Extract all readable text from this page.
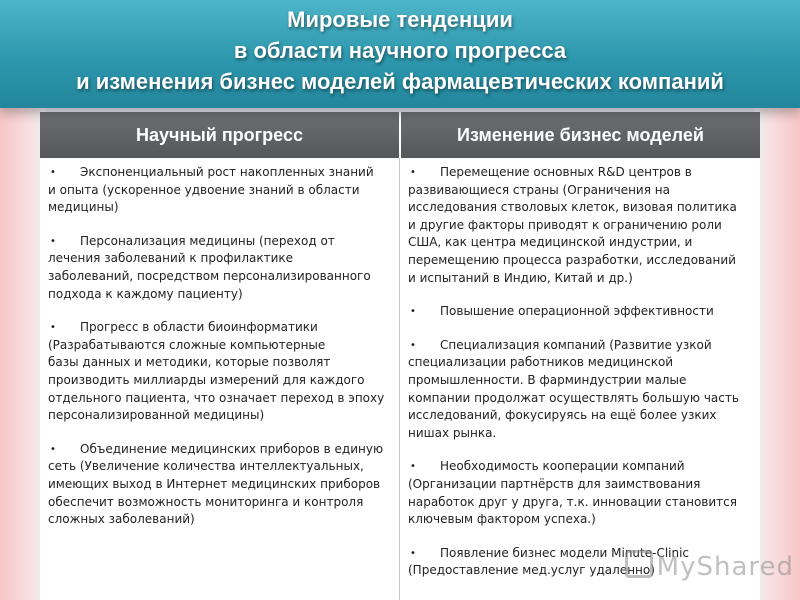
Мировые тенденции
в области научного прогресса
и изменения бизнес моделей фармацевтических компаний
Научный прогресс	Изменение бизнес моделей
•	Экспоненциальный рост накопленных знаний
и опыта (ускоренное удвоение знаний в области
медицины)
•	Персонализация медицины (переход от
лечения заболеваний к профилактике
заболеваний, посредством персонализированного
подхода к каждому пациенту)
•	Прогресс в области биоинформатики
(Разрабатываются сложные компьютерные
базы данных и методики, которые позволят
производить миллиарды измерений для каждого
отдельного пациента, что означает переход в эпоху
персонализированной медицины)
•	Объединение медицинских приборов в единую
сеть (Увеличение количества интеллектуальных,
имеющих выход в Интернет медицинских приборов
обеспечит возможность мониторинга и контроля
сложных заболеваний)
•	Перемещение основных R&D центров в
развивающиеся страны (Ограничения на
исследования стволовых клеток, визовая политика
и другие факторы приводят к ограничению роли
США, как центра медицинской индустрии, и
перемещению процесса разработки, исследований
и испытаний в Индию, Китай и др.)
•	Повышение операционной эффективности
•	Специализация компаний (Развитие узкой
специализации работников медицинской
промышленности. В фарминдустрии малые
компании продолжат осуществлять большую часть
исследований, фокусируясь на ещё более узких
нишах рынка.
•	Необходимость кооперации компаний
(Организации партнёрств для заимствования
наработок друг у друга, т.к. инновации становится
ключевым фактором успеха.)
•	Появление бизнес модели Minute-Clinic
(Предоставление мед.услуг удаленно) MyShared
